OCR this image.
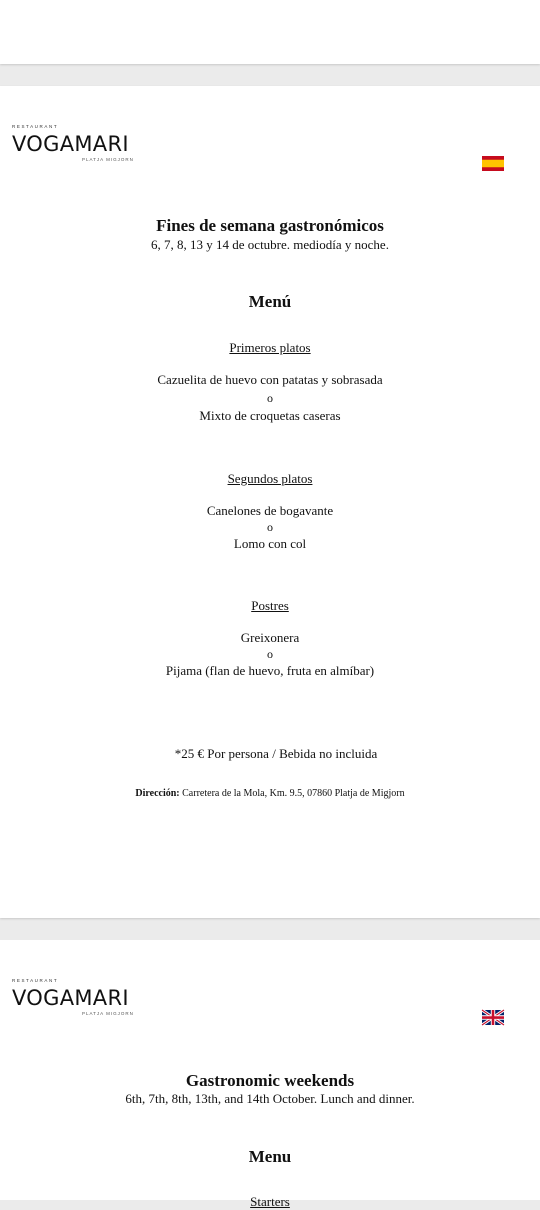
RESTAURANT
VOGAMARI
PLATJA MIGJORN
Fines de semana gastronómicos
6, 7, 8, 13 y 14 de octubre. mediodía y noche.
Menú
Primeros platos
Cazuelita de huevo con patatas y sobrasada
o
Mixto de croquetas caseras
Segundos platos
Canelones de bogavante
o
Lomo con col
Postres
Greixonera
o
Pijama (flan de huevo, fruta en almíbar)
*25 € Por persona / Bebida no incluida
Dirección: Carretera de la Mola, Km. 9.5, 07860 Platja de Migjorn
RESTAURANT
VOGAMARI
PLATJA MIGJORN
Gastronomic weekends
6th, 7th, 8th, 13th, and 14th October. Lunch and dinner.
Menu
Starters
